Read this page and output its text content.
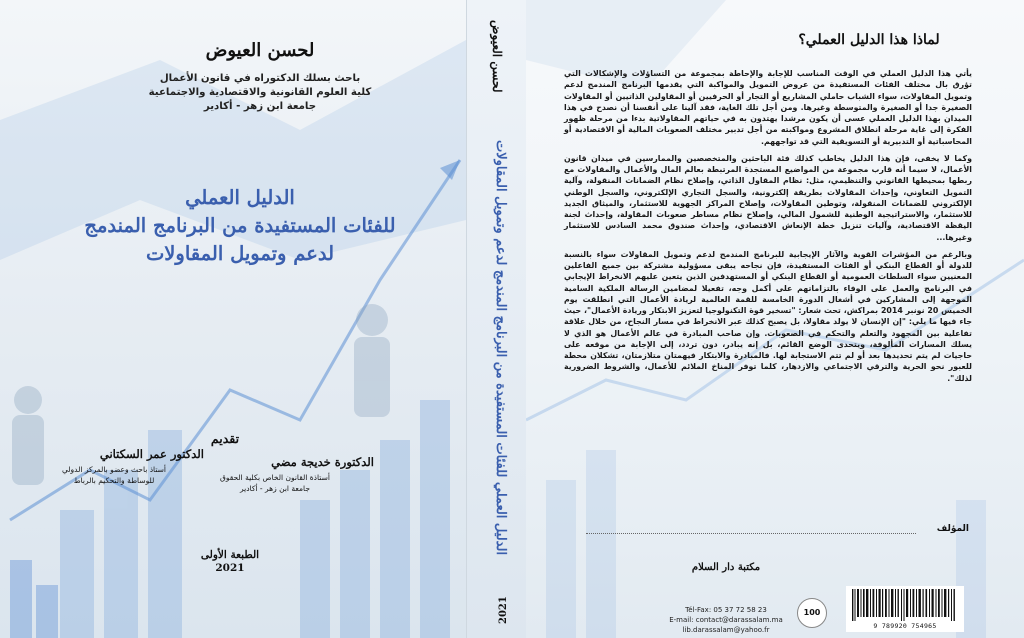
لحسن العيوض
باحث بسلك الدكتوراه في قانون الأعمال
كلية العلوم القانونية والاقتصادية والاجتماعية
جامعة ابن زهر - أكادير
الدليل العملي
للفئات المستفيدة من البرنامج المندمج
لدعم وتمويل المقاولات
تقديم
الدكتورة خديجة مضي
أستاذة القانون الخاص بكلية الحقوق
جامعة ابن زهر - أكادير
الدكتور عمر السكتاني
أستاذ باحث وعضو بالمركز الدولي
للوساطة والتحكيم بالرباط
الطبعة الأولى
2021
لحسن العيوض
الدليل العملي للفئات المستفيدة من البرنامج المندمج لدعم وتمويل المقاولات
2021
لماذا هذا الدليل العملي؟

يأتي هذا الدليل العملي في الوقت المناسب للإجابة والإحاطة بمجموعة من التساؤلات والإشكالات التي تؤرق بال مختلف الفئات المستفيدة من عروض التمويل والمواكبة التي يقدمها البرنامج المندمج لدعم وتمويل المقاولات، سواء الشباب حاملي المشاريع أو التجار أو الحرفيين أو المقاولين الذاتيين أو المقاولات الصغيرة جدا أو الصغيرة والمتوسطة وغيرها. ومن أجل تلك الغاية، فقد آلينا على أنفسنا أن نصدح في هذا الميدان بهذا الدليل العملي عسى أن يكون مرشدا يهتدون به في حياتهم المقاولاتية بدءا من مرحلة ظهور الفكرة إلى غاية مرحلة انطلاق المشروع ومواكبته من أجل تدبير مختلف الصعوبات المالية أو الاقتصادية أو المحاسباتية أو التدبيرية أو التسويقية التي قد تواجههم.

وكما لا يخفى، فإن هذا الدليل يخاطب كذلك فئة الباحثين والمتخصصين والممارسين في ميدان قانون الأعمال، لا سيما أنه قارب مجموعة من المواضيع المستجدة المرتبطة بعالم المال والأعمال والمقاولات مع ربطها بمحيطها القانوني والتنظيمي، مثل: نظام المقاول الذاتي، وإصلاح نظام الضمانات المنقولة، وآلية التمويل التعاوني، وإحداث المقاولات بطريقة إلكترونية، والسجل التجاري الإلكتروني، والسجل الوطني الإلكتروني للضمانات المنقولة، وتوطين المقاولات، وإصلاح المراكز الجهوية للاستثمار، والميثاق الجديد للاستثمار، والاستراتيجية الوطنية للشمول المالي، وإصلاح نظام مساطر صعوبات المقاولة، وإحداث لجنة اليقظة الاقتصادية، وآليات تنزيل خطة الإنعاش الاقتصادي، وإحداث صندوق محمد السادس للاستثمار وغيرها...

وبالرغم من المؤشرات القوية والآثار الإيجابية للبرنامج المندمج لدعم وتمويل المقاولات سواء بالنسبة للدولة أو القطاع البنكي أو الفئات المستفيدة، فإن نجاحه يبقى مسؤولية مشتركة بين جميع الفاعلين المعنيين سواء السلطات العمومية أو القطاع البنكي أو المستهدفين الذين يتعين عليهم الانخراط الإيجابي في البرنامج والعمل على الوفاء بالتزاماتهم على أكمل وجه، تفعيلا لمضامين الرسالة الملكية السامية الموجهة إلى المشاركين في أشغال الدورة الخامسة للقمة العالمية لريادة الأعمال التي انطلقت يوم الخميس 20 نونبر 2014 بمراكش، تحت شعار: "تسخير قوة التكنولوجيا لتعزيز الابتكار وريادة الأعمال"، حيث جاء فيها ما يلي: "إن الإنسان لا يولد مقاولا، بل يصبح كذلك عبر الانخراط في مسار النجاح، من خلال علاقة تفاعلية بين المجهود والتعلم والتحكم في الصعوبات. وإن صاحب المبادرة في عالم الأعمال هو الذي لا يسلك المسارات المألوفة، ويتحدى الوضع القائم، بل إنه يبادر، دون تردد، إلى الإجابة من موقعه على حاجيات لم يتم تحديدها بعد أو لم تتم الاستجابة لها. فالمبادرة والابتكار فيهمتان متلازمتان، تشكلان محطة للعبور نحو الحرية والترقي الاجتماعي والازدهار، كلما توفر المناخ الملائم للأعمال، والشروط الضرورية لذلك".

المؤلف
مكتبة دار السلام
Tél-Fax: 05 37 72 58 23
E-mail: contact@darassalam.ma
lib.darassalam@yahoo.fr
100
9 789920 754965
